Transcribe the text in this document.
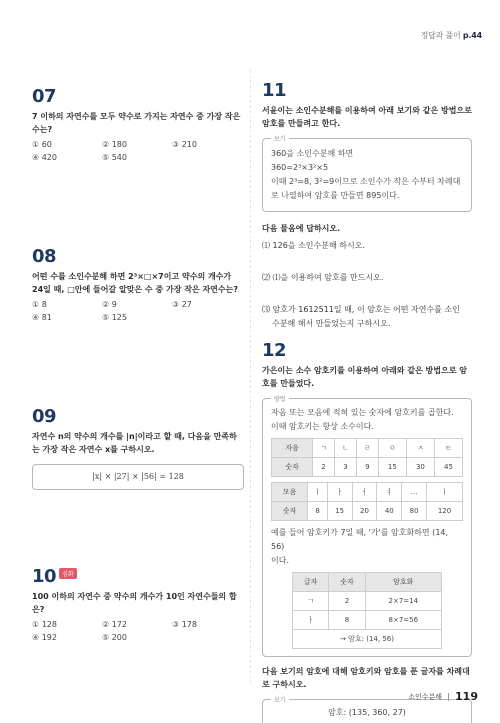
정답과 풀이 p.44
07
7 이하의 자연수를 모두 약수로 가지는 자연수 중 가장 작은 수는?
① 60	② 180	③ 210
④ 420	⑤ 540
08
어떤 수를 소인수분해 하면 2³×□×7이고 약수의 개수가 24일 때, □안에 들어갈 알맞은 수 중 가장 작은 자연수는?
① 8	② 9	③ 27
④ 81	⑤ 125
09
자연수 n의 약수의 개수를 |n|이라고 할 때, 다음을 만족하는 가장 작은 자연수 x를 구하시오.
|x| × |27| × |56| = 128
10	심화
100 이하의 자연수 중 약수의 개수가 10인 자연수들의 합은?
① 128	② 172	③ 178
④ 192	⑤ 200
11
서윤이는 소인수분해를 이용하여 아래 보기와 같은 방법으로 암호를 만들려고 한다.
보기
360을 소인수분해 하면
360=2³×3²×5
이때 2³=8, 3²=9이므로 소인수가 작은 수부터 차례대
로 나열하여 암호를 만들면 895이다.
다음 물음에 답하시오.
⑴ 126을 소인수분해 하시오.
⑵ ⑴을 이용하여 암호를 만드시오.
⑶ 암호가 1612511일 때, 이 암호는 어떤 자연수를 소인
수분해 해서 만들었는지 구하시오.
12
가은이는 소수 암호키를 이용하여 아래와 같은 방법으로 암호를 만들었다.
방법
자음 또는 모음에 적혀 있는 숫자에 암호키를 곱한다.
이때 암호키는 항상 소수이다.
자음	ㄱ	ㄴ	ㄹ	ㅇ	ㅈ	ㅌ
숫자	2	3	9	15	30	45
모음	ㅣ	ㅏ	ㅓ	ㅕ	…	ㅣ
숫자	8	15	20	40	80	120
예를 들어 암호키가 7일 때, '가'를 암호화하면 (14, 56)
이다.
글자	숫자	암호화
ㄱ	2	2×7=14
ㅏ	8	8×7=56
→ 암호: (14, 56)		
다음 보기의 암호에 대해 암호키와 암호를 푼 글자를 차례대로 구하시오.
보기
암호: (135, 360, 27)
소인수분해 119
